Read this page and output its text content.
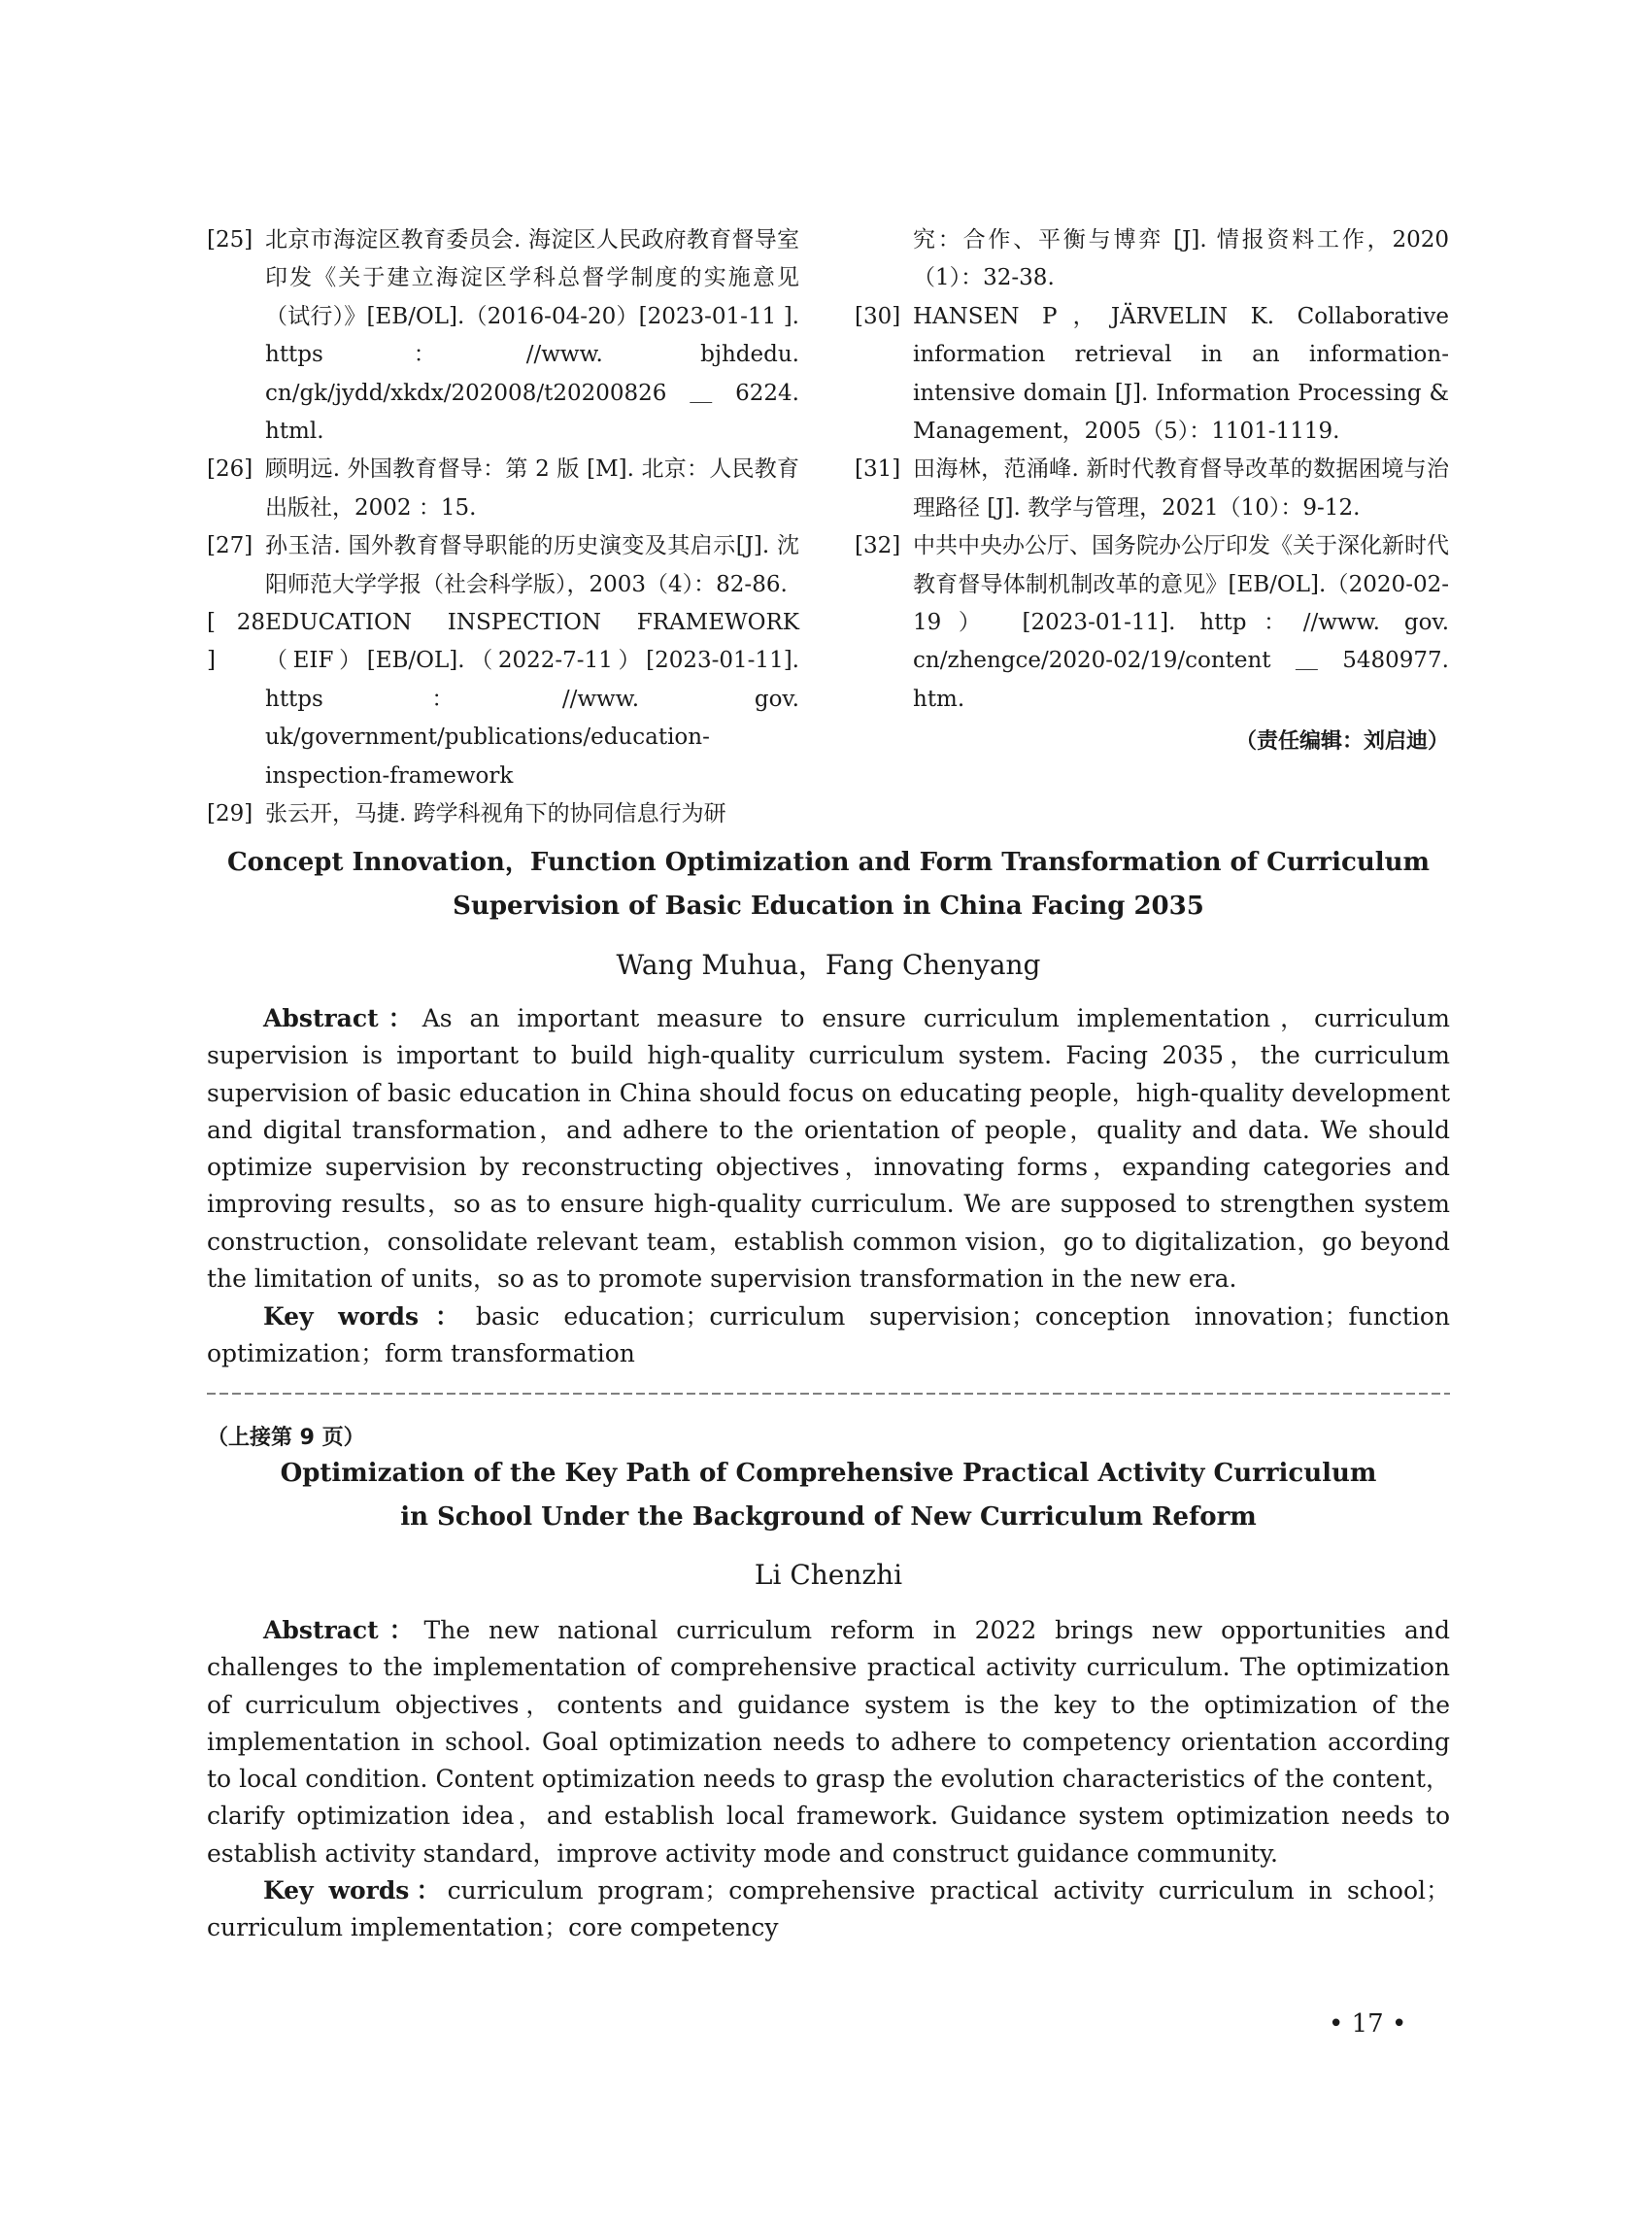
[25] 北京市海淀区教育委员会. 海淀区人民政府教育督导室印发《关于建立海淀区学科总督学制度的实施意见（试行）》[EB/OL].（2016-04-20）[2023-01-11 ]. https：//www. bjhdedu. cn/gk/jydd/xkdx/202008/t20200826＿6224. html.
[26] 顾明远. 外国教育督导：第 2 版 [M]. 北京：人民教育出版社，2002 ：15.
[27] 孙玉洁. 国外教育督导职能的历史演变及其启示[J]. 沈阳师范大学学报（社会科学版），2003（4）：82-86.
[ 28 ]
EDUCATION INSPECTION FRAMEWORK（EIF）[EB/OL].（2022-7-11）[2023-01-11]. https：//www. gov. uk/government/publications/education-inspection-framework
[29] 张云开，马捷. 跨学科视角下的协同信息行为研
究：合作、平衡与博弈 [J]. 情报资料工作，2020（1）：32-38.
[30] HANSEN P，JÄRVELIN K. Collaborative information retrieval in an information-intensive domain [J]. Information Processing & Management，2005（5）：1101-1119.
[31] 田海林，范涌峰. 新时代教育督导改革的数据困境与治理路径 [J]. 教学与管理，2021（10）：9-12.
[32] 中共中央办公厅、国务院办公厅印发《关于深化新时代教育督导体制机制改革的意见》[EB/OL].（2020-02-19） [2023-01-11]. http：//www. gov. cn/zhengce/2020-02/19/content＿5480977. htm.
（责任编辑：刘启迪）
Concept Innovation，Function Optimization and Form Transformation of Curriculum
Supervision of Basic Education in China Facing 2035
Wang Muhua，Fang Chenyang
Abstract：As an important measure to ensure curriculum implementation，curriculum supervision is important to build high-quality curriculum system. Facing 2035，the curriculum supervision of basic education in China should focus on educating people，high-quality development and digital transformation，and adhere to the orientation of people，quality and data. We should optimize supervision by reconstructing objectives，innovating forms，expanding categories and improving results，so as to ensure high-quality curriculum. We are supposed to strengthen system construction，consolidate relevant team，establish common vision，go to digitalization，go beyond the limitation of units，so as to promote supervision transformation in the new era.
Key words：basic education；curriculum supervision；conception innovation；function optimization；form transformation
（上接第 9 页）
Optimization of the Key Path of Comprehensive Practical Activity Curriculum
in School Under the Background of New Curriculum Reform
Li Chenzhi
Abstract：The new national curriculum reform in 2022 brings new opportunities and challenges to the implementation of comprehensive practical activity curriculum. The optimization of curriculum objectives，contents and guidance system is the key to the optimization of the implementation in school. Goal optimization needs to adhere to competency orientation according to local condition. Content optimization needs to grasp the evolution characteristics of the content，clarify optimization idea，and establish local framework. Guidance system optimization needs to establish activity standard，improve activity mode and construct guidance community.
Key words：curriculum program；comprehensive practical activity curriculum in school；curriculum implementation；core competency
• 17 •
